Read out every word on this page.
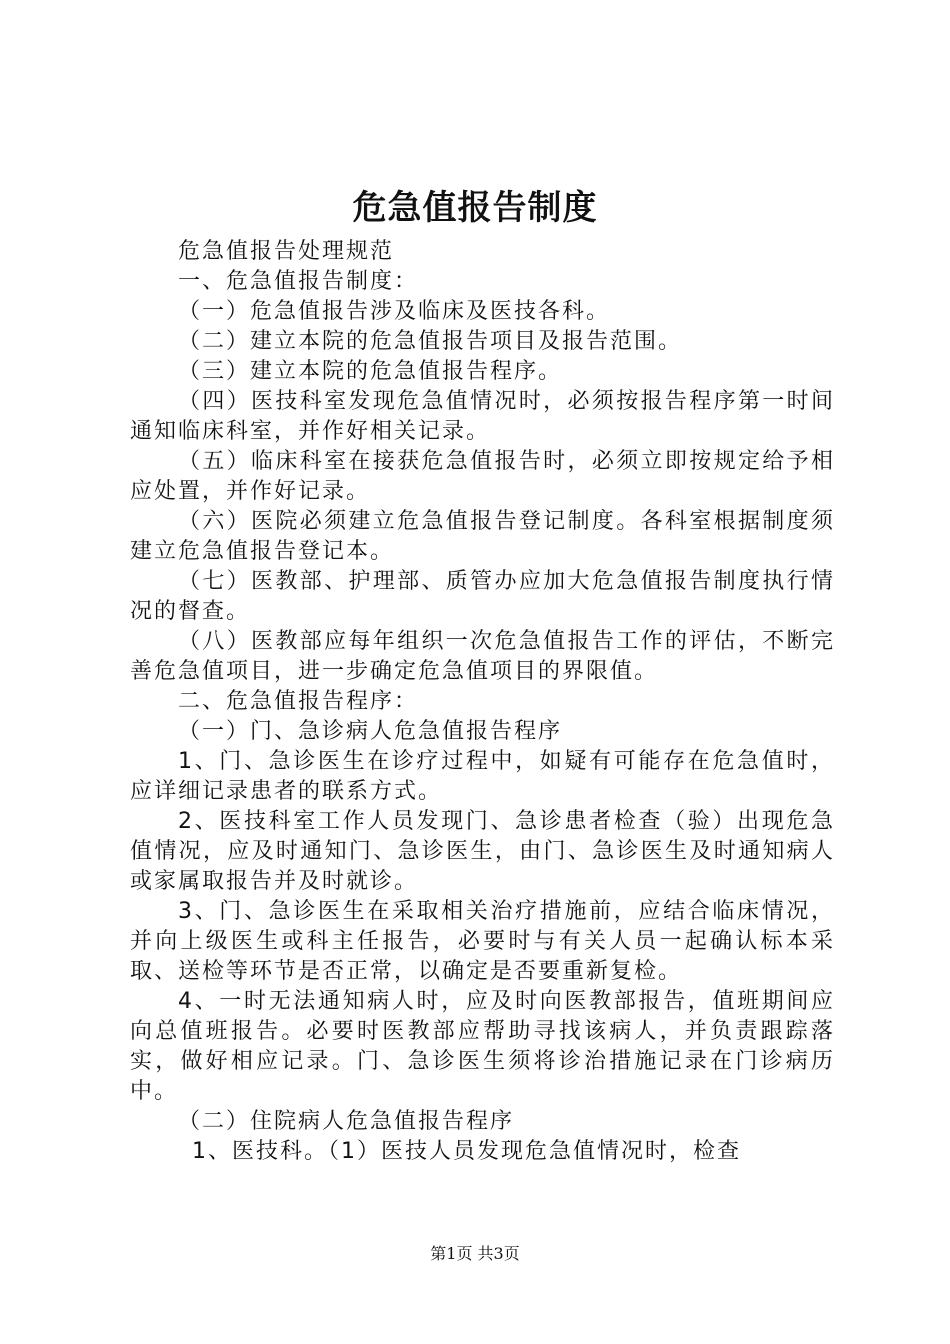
危急值报告制度

危急值报告处理规范

一、危急值报告制度：

（一）危急值报告涉及临床及医技各科。

（二）建立本院的危急值报告项目及报告范围。

（三）建立本院的危急值报告程序。

（四）医技科室发现危急值情况时，必须按报告程序第一时间通知临床科室，并作好相关记录。

（五）临床科室在接获危急值报告时，必须立即按规定给予相应处置，并作好记录。

（六）医院必须建立危急值报告登记制度。各科室根据制度须建立危急值报告登记本。

（七）医教部、护理部、质管办应加大危急值报告制度执行情况的督查。

（八）医教部应每年组织一次危急值报告工作的评估，不断完善危急值项目，进一步确定危急值项目的界限值。

二、危急值报告程序：

（一）门、急诊病人危急值报告程序

1、门、急诊医生在诊疗过程中，如疑有可能存在危急值时，应详细记录患者的联系方式。

2、医技科室工作人员发现门、急诊患者检查（验）出现危急值情况，应及时通知门、急诊医生，由门、急诊医生及时通知病人或家属取报告并及时就诊。

3、门、急诊医生在采取相关治疗措施前，应结合临床情况，并向上级医生或科主任报告，必要时与有关人员一起确认标本采取、送检等环节是否正常，以确定是否要重新复检。

4、一时无法通知病人时，应及时向医教部报告，值班期间应向总值班报告。必要时医教部应帮助寻找该病人，并负责跟踪落实，做好相应记录。门、急诊医生须将诊治措施记录在门诊病历中。

（二）住院病人危急值报告程序

1、医技科。（1）医技人员发现危急值情况时，检查

第1页 共3页
